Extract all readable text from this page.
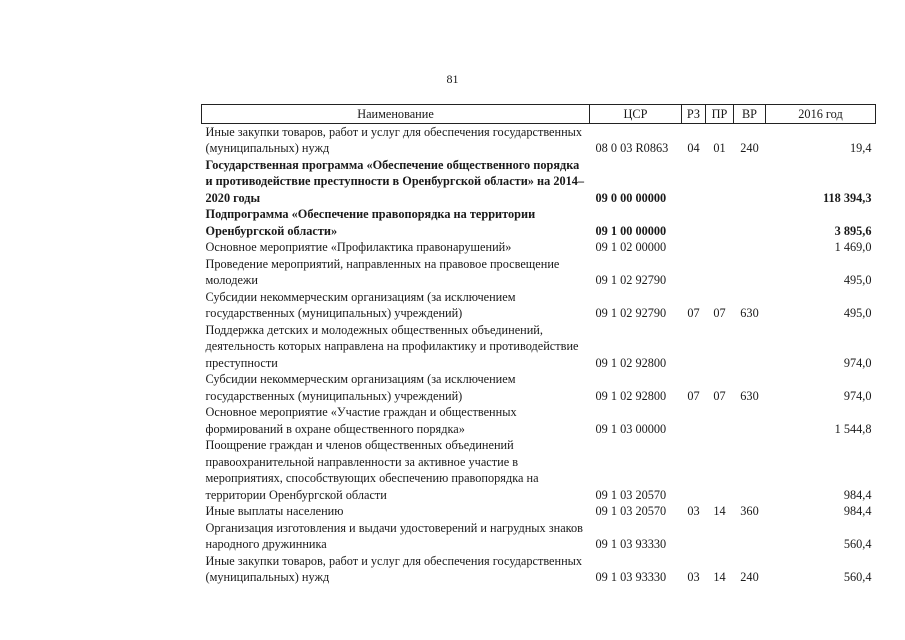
81
Наименование	ЦСР	РЗ	ПР	ВР	2016 год
Иные закупки товаров, работ и услуг для обеспечения государственных (муниципальных) нужд	08 0 03 R0863	04	01	240	19,4
Государственная программа «Обеспечение общественного порядка и противодействие преступности в Оренбургской области» на 2014–2020 годы	09 0 00 00000				118 394,3
Подпрограмма «Обеспечение правопорядка на территории Оренбургской области»	09 1 00 00000				3 895,6
Основное мероприятие «Профилактика правонарушений»	09 1 02 00000				1 469,0
Проведение мероприятий, направленных на правовое просвещение молодежи	09 1 02 92790				495,0
Субсидии некоммерческим организациям (за исключением государственных (муниципальных) учреждений)	09 1 02 92790	07	07	630	495,0
Поддержка детских и молодежных общественных объединений, деятельность которых направлена на профилактику и противодействие преступности	09 1 02 92800				974,0
Субсидии некоммерческим организациям (за исключением государственных (муниципальных) учреждений)	09 1 02 92800	07	07	630	974,0
Основное мероприятие «Участие граждан и общественных формирований в охране общественного порядка»	09 1 03 00000				1 544,8
Поощрение граждан и членов общественных объединений правоохранительной направленности за активное участие в мероприятиях, способствующих обеспечению правопорядка на территории Оренбургской области	09 1 03 20570				984,4
Иные выплаты населению	09 1 03 20570	03	14	360	984,4
Организация изготовления и выдачи удостоверений и нагрудных знаков народного дружинника	09 1 03 93330				560,4
Иные закупки товаров, работ и услуг для обеспечения государственных (муниципальных) нужд	09 1 03 93330	03	14	240	560,4
